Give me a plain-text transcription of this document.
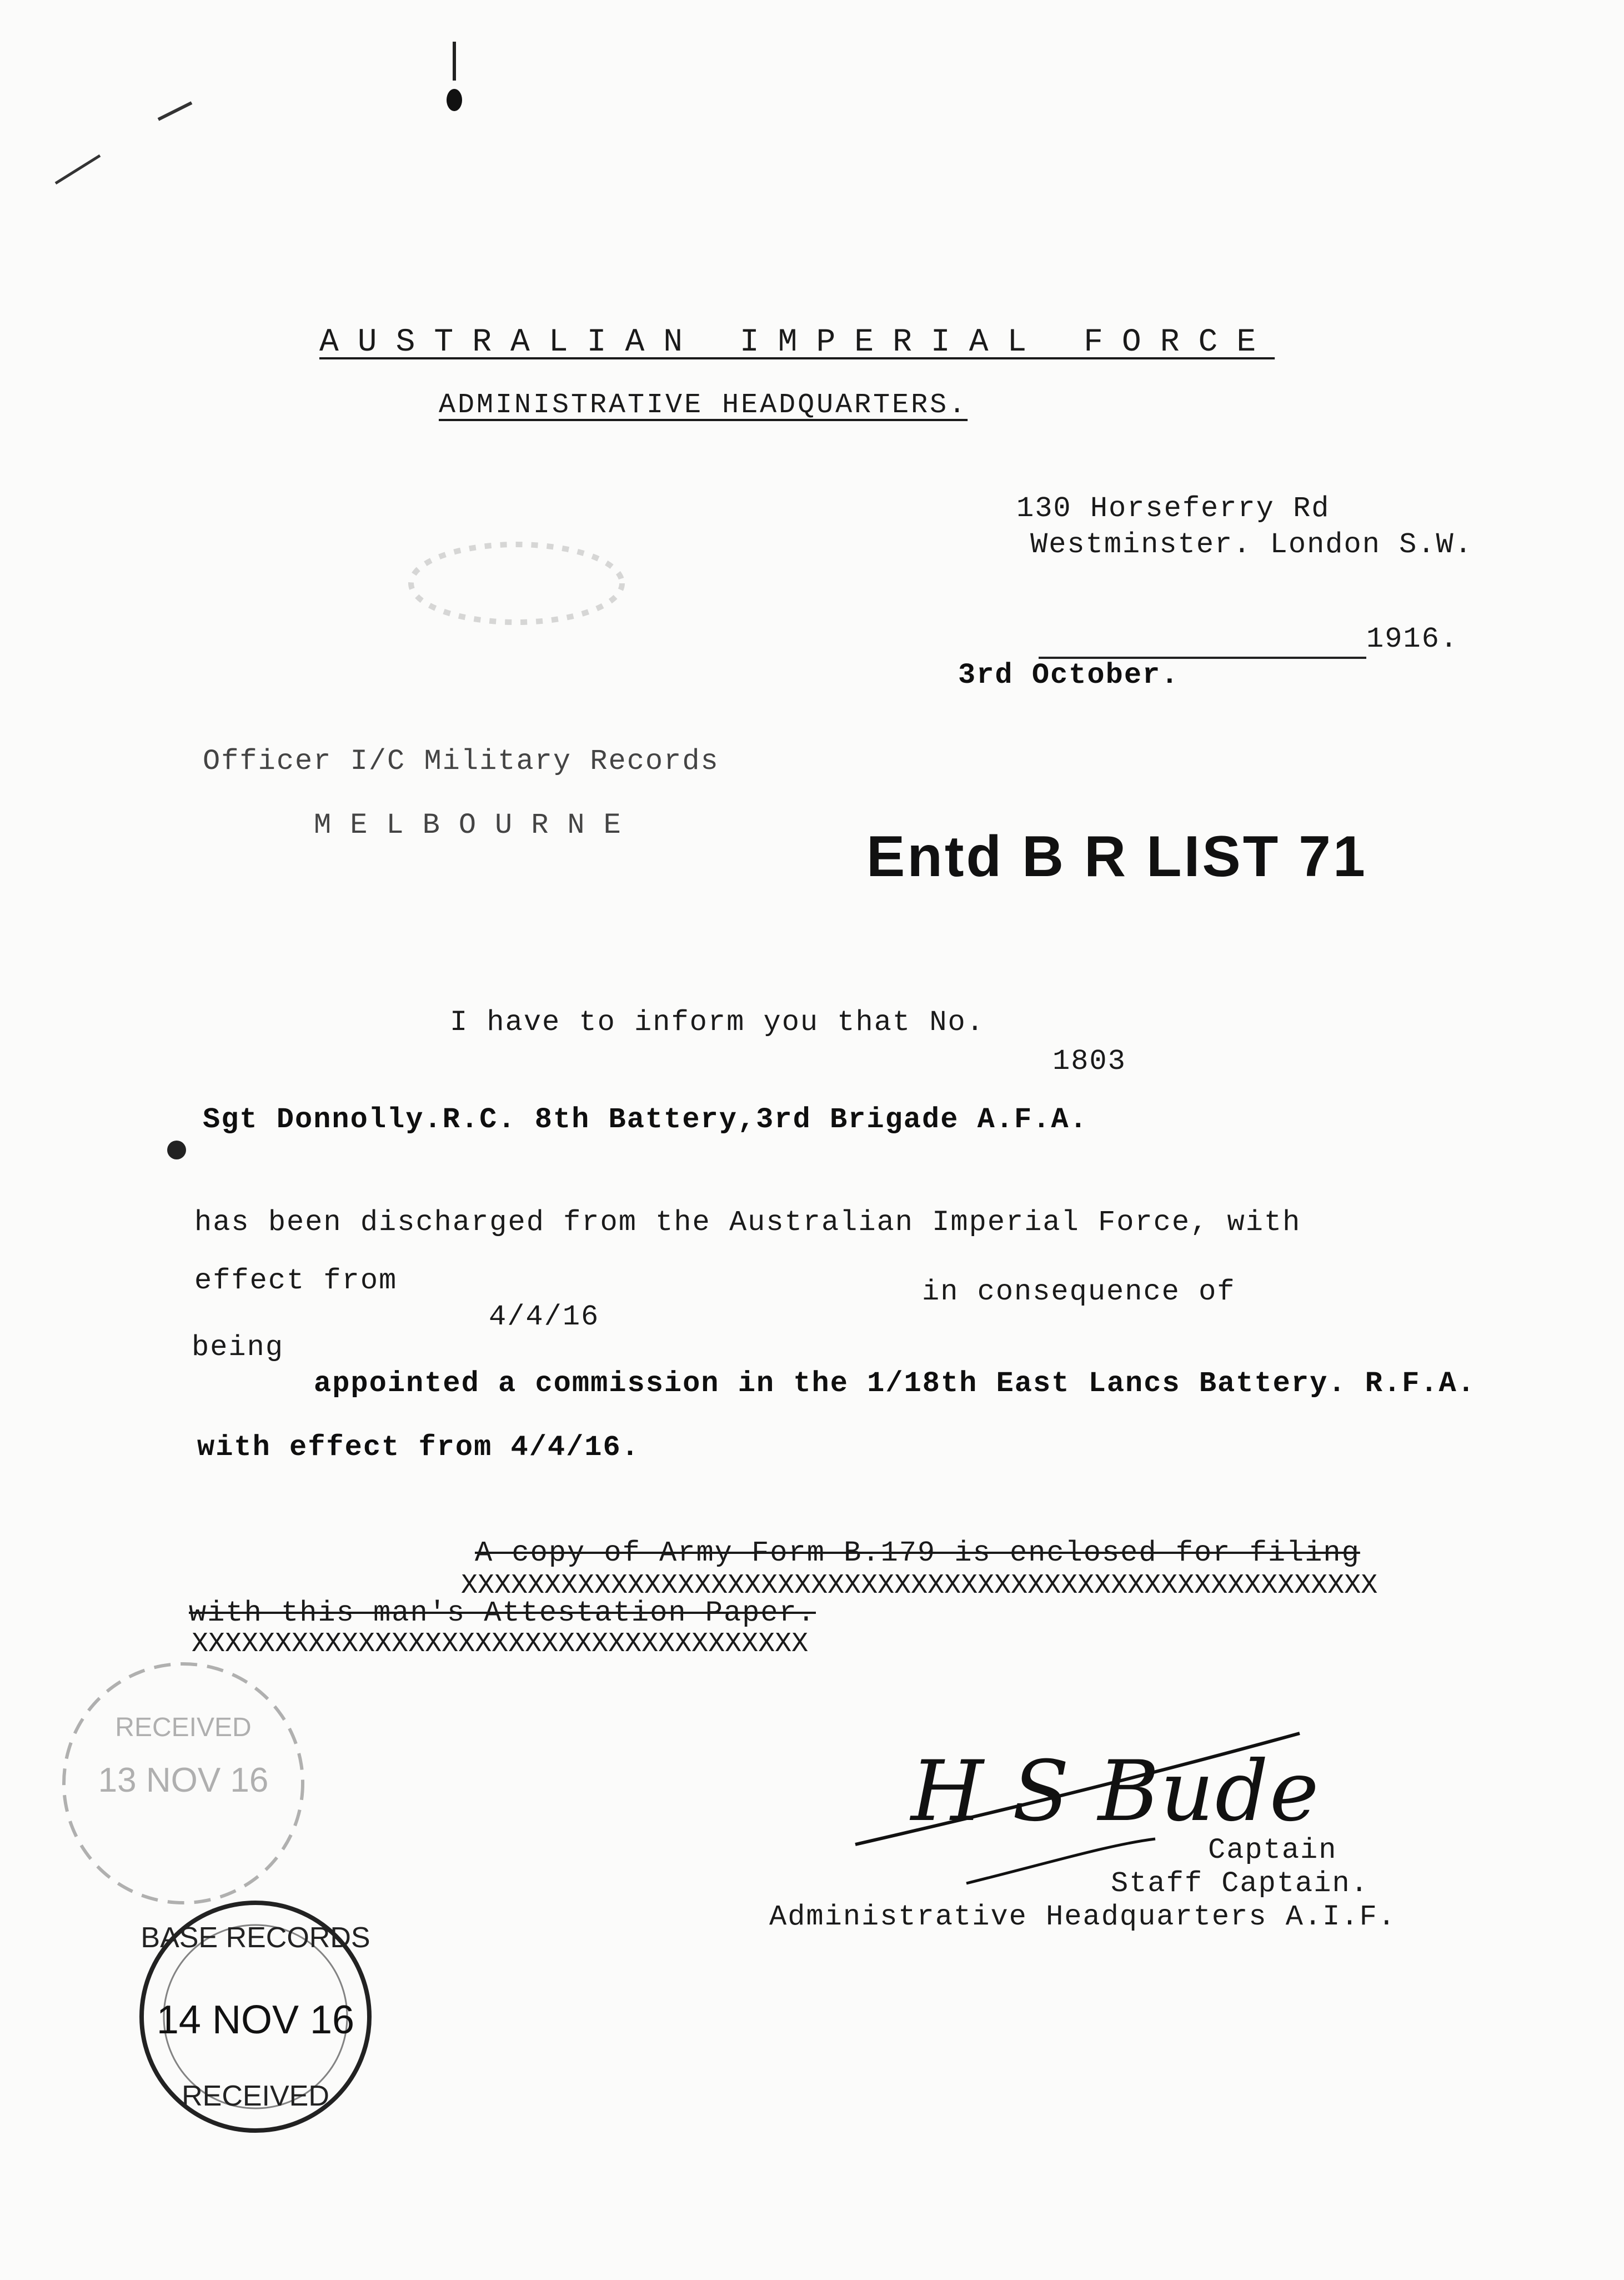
AUSTRALIAN IMPERIAL FORCE
ADMINISTRATIVE HEADQUARTERS.
130 Horseferry Rd
Westminster. London S.W.
1916.
3rd October.
Officer I/C Military Records
MELBOURNE	Entd B R LIST 71
I have to inform you that No.
1803
Sgt Donnolly.R.C. 8th Battery,3rd Brigade A.F.A.
has been discharged from the Australian Imperial Force, with
effect from	in consequence of
4/4/16
being
appointed a commission in the 1/18th East Lancs Battery. R.F.A.
with effect from 4/4/16.
A copy of Army Form B.179 is enclosed for filing
XXXXXXXXXXXXXXXXXXXXXXXXXXXXXXXXXXXXXXXXXXXXXXXXXXXXXXX
with this man's Attestation Paper.
XXXXXXXXXXXXXXXXXXXXXXXXXXXXXXXXXXXXX
H S Bude
Captain
Staff Captain.
Administrative Headquarters A.I.F.
13 NOV 16
RECEIVED
BASE RECORDS
14 NOV 16
RECEIVED
